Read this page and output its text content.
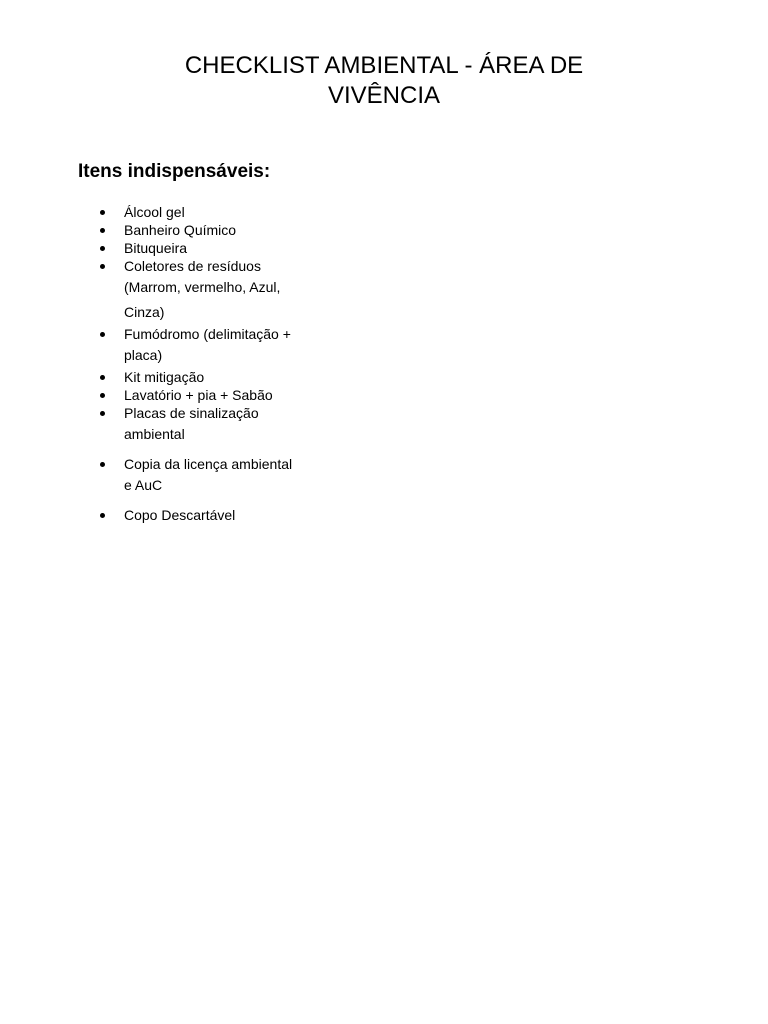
CHECKLIST AMBIENTAL - ÁREA DE
VIVÊNCIA
Itens indispensáveis:
Álcool gel
Banheiro Químico
Bituqueira
Coletores de resíduos
(Marrom, vermelho, Azul,
Cinza)
Fumódromo (delimitação +
placa)
Kit mitigação
Lavatório + pia + Sabão
Placas de sinalização
ambiental
Copia da licença ambiental
e AuC
Copo Descartável
